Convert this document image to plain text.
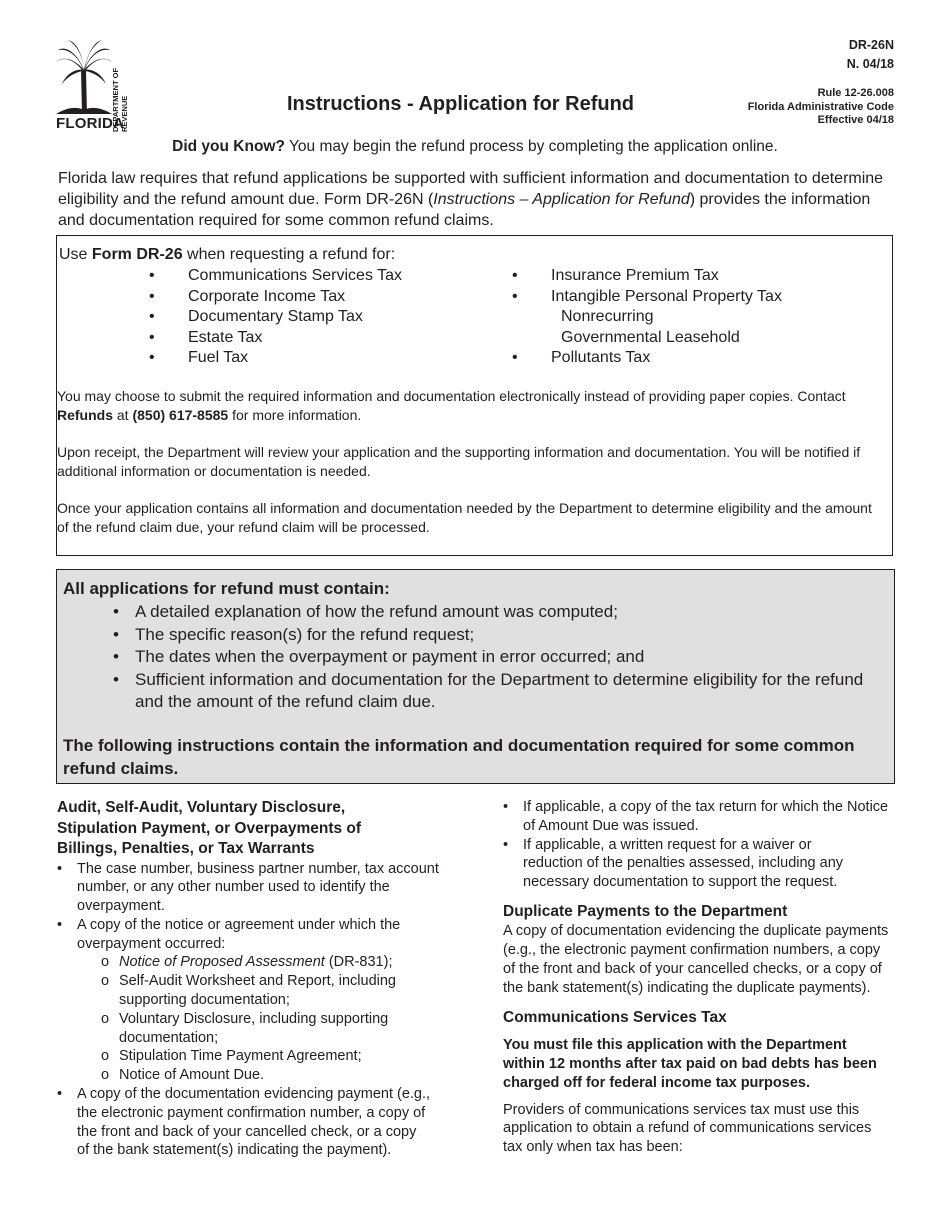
DEPARTMENT OF REVENUE
FLORIDA
DR-26N
N. 04/18
Rule 12-26.008
Florida Administrative Code
Effective 04/18
Instructions - Application for Refund
Did you Know? You may begin the refund process by completing the application online.
Florida law requires that refund applications be supported with sufficient information and documentation to determine eligibility and the refund amount due. Form DR-26N (Instructions – Application for Refund) provides the information and documentation required for some common refund claims.
Use Form DR-26 when requesting a refund for:
• Communications Services Tax
• Corporate Income Tax
• Documentary Stamp Tax
• Estate Tax
• Fuel Tax
• Insurance Premium Tax
• Intangible Personal Property Tax
Nonrecurring
Governmental Leasehold
• Pollutants Tax
You may choose to submit the required information and documentation electronically instead of providing paper copies. Contact Refunds at (850) 617-8585 for more information.
Upon receipt, the Department will review your application and the supporting information and documentation. You will be notified if additional information or documentation is needed.
Once your application contains all information and documentation needed by the Department to determine eligibility and the amount of the refund claim due, your refund claim will be processed.
All applications for refund must contain:
• A detailed explanation of how the refund amount was computed;
• The specific reason(s) for the refund request;
• The dates when the overpayment or payment in error occurred; and
• Sufficient information and documentation for the Department to determine eligibility for the refund and the amount of the refund claim due.
The following instructions contain the information and documentation required for some common refund claims.
Audit, Self-Audit, Voluntary Disclosure, Stipulation Payment, or Overpayments of Billings, Penalties, or Tax Warrants
• The case number, business partner number, tax account number, or any other number used to identify the overpayment.
• A copy of the notice or agreement under which the overpayment occurred:
o Notice of Proposed Assessment (DR-831);
o Self-Audit Worksheet and Report, including supporting documentation;
o Voluntary Disclosure, including supporting documentation;
o Stipulation Time Payment Agreement;
o Notice of Amount Due.
• A copy of the documentation evidencing payment (e.g., the electronic payment confirmation number, a copy of the front and back of your cancelled check, or a copy of the bank statement(s) indicating the payment).
• If applicable, a copy of the tax return for which the Notice of Amount Due was issued.
• If applicable, a written request for a waiver or reduction of the penalties assessed, including any necessary documentation to support the request.
Duplicate Payments to the Department

A copy of documentation evidencing the duplicate payments (e.g., the electronic payment confirmation numbers, a copy of the front and back of your cancelled checks, or a copy of the bank statement(s) indicating the duplicate payments).

Communications Services Tax

You must file this application with the Department within 12 months after tax paid on bad debts has been charged off for federal income tax purposes.

Providers of communications services tax must use this application to obtain a refund of communications services tax only when tax has been:
